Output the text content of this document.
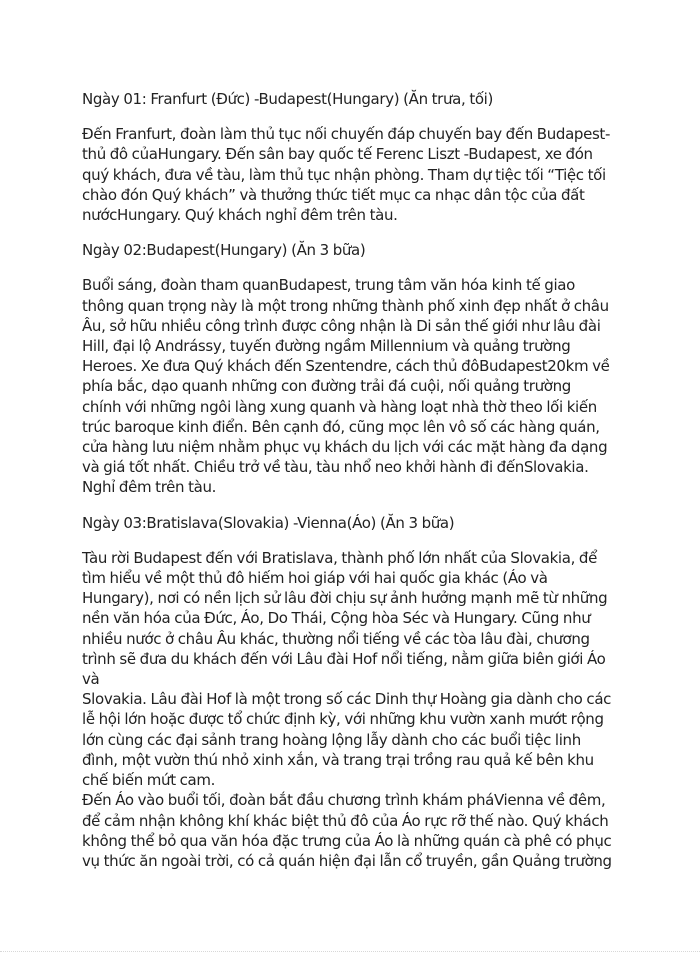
Ngày 01: Franfurt (Đức) -Budapest(Hungary) (Ăn trưa, tối)
Đến Franfurt, đoàn làm thủ tục nối chuyến đáp chuyến bay đến Budapest-
thủ đô củaHungary. Đến sân bay quốc tế Ferenc Liszt -Budapest, xe đón
quý khách, đưa về tàu, làm thủ tục nhận phòng. Tham dự tiệc tối “Tiệc tối
chào đón Quý khách” và thưởng thức tiết mục ca nhạc dân tộc của đất
nướcHungary. Quý khách nghỉ đêm trên tàu.
Ngày 02:Budapest(Hungary) (Ăn 3 bữa)
Buổi sáng, đoàn tham quanBudapest, trung tâm văn hóa kinh tế giao
thông quan trọng này là một trong những thành phố xinh đẹp nhất ở châu
Âu, sở hữu nhiều công trình được công nhận là Di sản thế giới như lâu đài
Hill, đại lộ Andrássy, tuyến đường ngầm Millennium và quảng trường
Heroes. Xe đưa Quý khách đến Szentendre, cách thủ đôBudapest20km về
phía bắc, dạo quanh những con đường trải đá cuội, nối quảng trường
chính với những ngôi làng xung quanh và hàng loạt nhà thờ theo lối kiến
trúc baroque kinh điển. Bên cạnh đó, cũng mọc lên vô số các hàng quán,
cửa hàng lưu niệm nhằm phục vụ khách du lịch với các mặt hàng đa dạng
và giá tốt nhất. Chiều trở về tàu, tàu nhổ neo khởi hành đi đếnSlovakia.
Nghỉ đêm trên tàu.
Ngày 03:Bratislava(Slovakia) -Vienna(Áo) (Ăn 3 bữa)
Tàu rời Budapest đến với Bratislava, thành phố lớn nhất của Slovakia, để
tìm hiểu về một thủ đô hiếm hoi giáp với hai quốc gia khác (Áo và
Hungary), nơi có nền lịch sử lâu đời chịu sự ảnh hưởng mạnh mẽ từ những
nền văn hóa của Đức, Áo, Do Thái, Cộng hòa Séc và Hungary. Cũng như
nhiều nước ở châu Âu khác, thường nổi tiếng về các tòa lâu đài, chương
trình sẽ đưa du khách đến với Lâu đài Hof nổi tiếng, nằm giữa biên giới Áo
và
Slovakia. Lâu đài Hof là một trong số các Dinh thự Hoàng gia dành cho các
lễ hội lớn hoặc được tổ chức định kỳ, với những khu vườn xanh mướt rộng
lớn cùng các đại sảnh trang hoàng lộng lẫy dành cho các buổi tiệc linh
đình, một vườn thú nhỏ xinh xắn, và trang trại trồng rau quả kế bên khu
chế biến mứt cam.
Đến Áo vào buổi tối, đoàn bắt đầu chương trình khám pháVienna về đêm,
để cảm nhận không khí khác biệt thủ đô của Áo rực rỡ thế nào. Quý khách
không thể bỏ qua văn hóa đặc trưng của Áo là những quán cà phê có phục
vụ thức ăn ngoài trời, có cả quán hiện đại lẫn cổ truyền, gần Quảng trường
